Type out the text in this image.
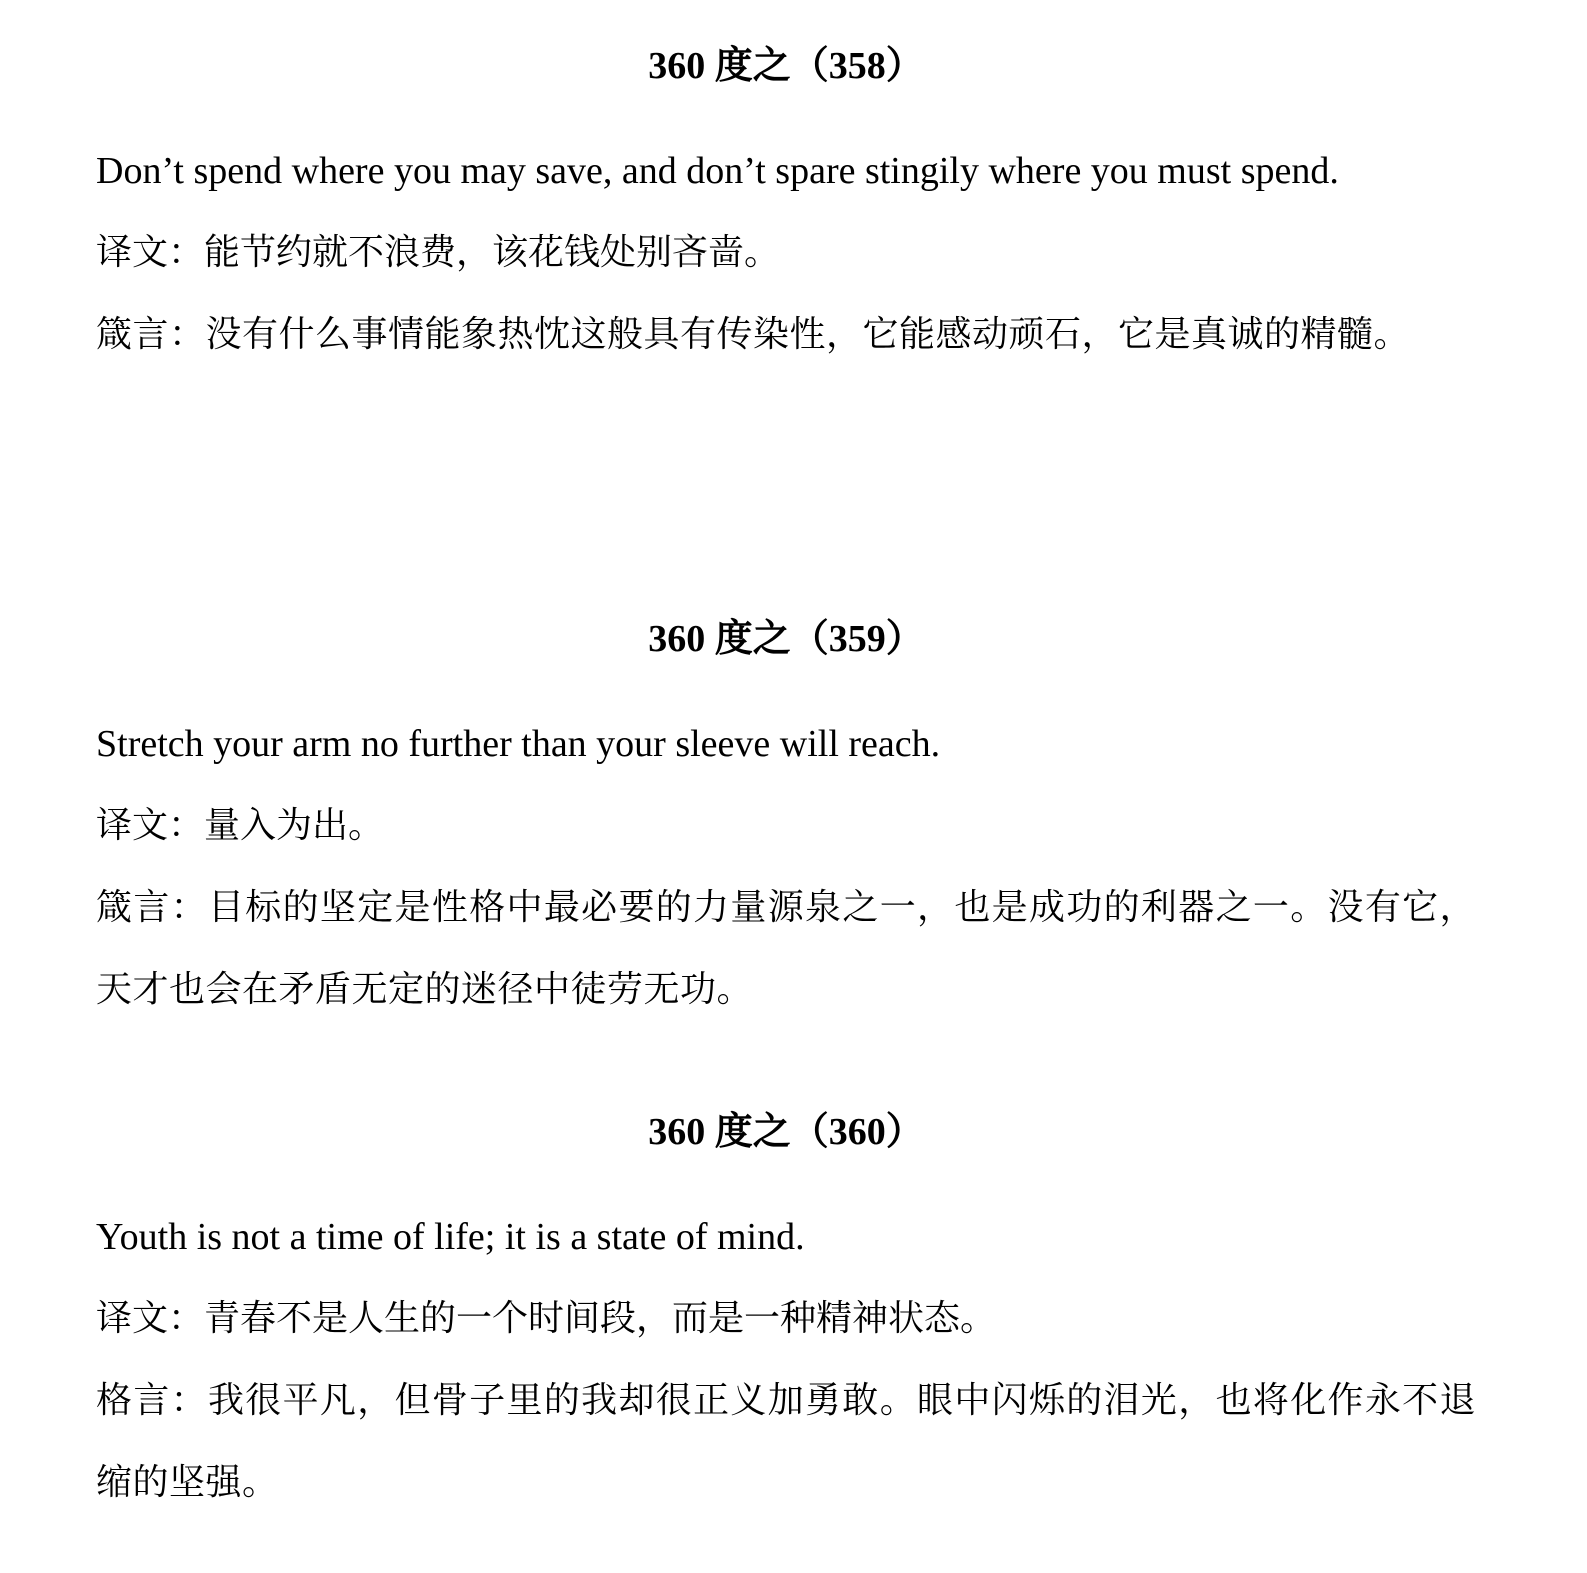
360 度之（358）

Don’t spend where you may save, and don’t spare stingily where you must spend.

译文：能节约就不浪费，该花钱处别吝啬。

箴言：没有什么事情能象热忱这般具有传染性，它能感动顽石，它是真诚的精髓。

360 度之（359）

Stretch your arm no further than your sleeve will reach.

译文：量入为出。

箴言：目标的坚定是性格中最必要的力量源泉之一，也是成功的利器之一。没有它，天才也会在矛盾无定的迷径中徒劳无功。

360 度之（360）

Youth is not a time of life; it is a state of mind.

译文：青春不是人生的一个时间段，而是一种精神状态。

格言：我很平凡，但骨子里的我却很正义加勇敢。眼中闪烁的泪光，也将化作永不退缩的坚强。
